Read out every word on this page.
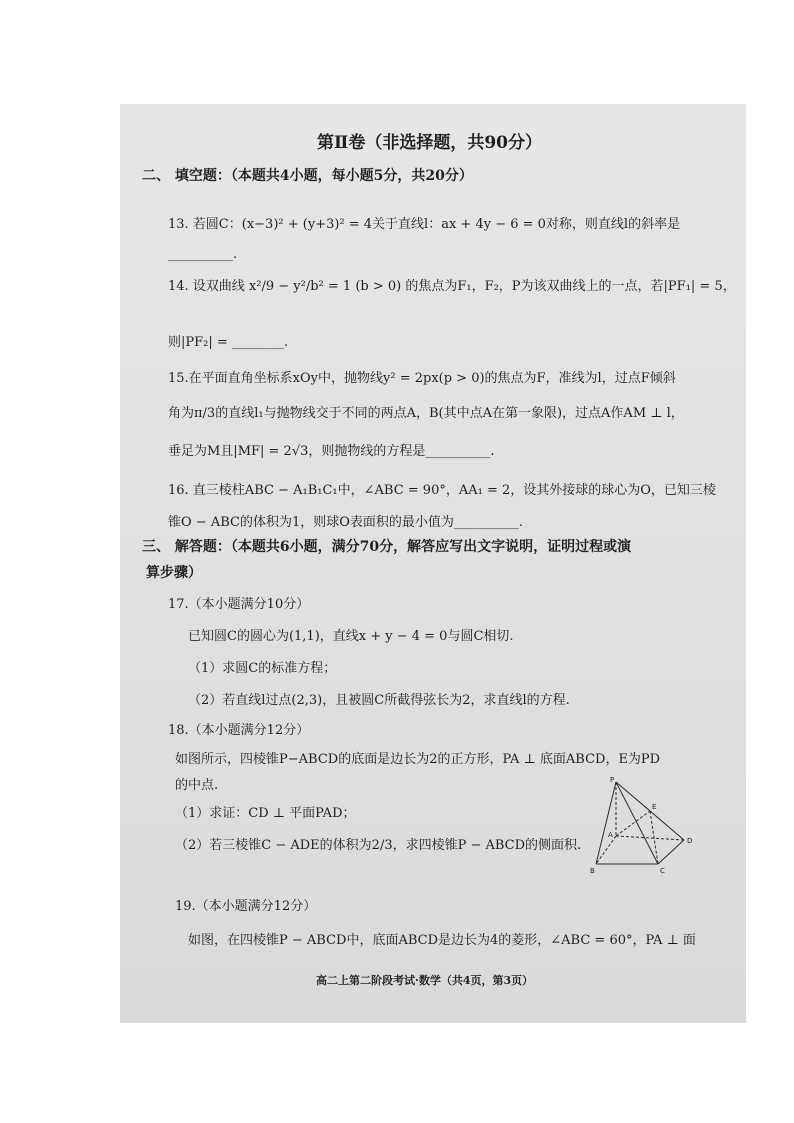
第Ⅱ卷（非选择题，共90分）
二、 填空题：（本题共4小题，每小题5分，共20分）
13. 若圆C：(x−3)² + (y+3)² = 4关于直线l：ax + 4y − 6 = 0对称，则直线l的斜率是
__________.
14. 设双曲线 x²/9 − y²/b² = 1 (b > 0) 的焦点为F₁，F₂，P为该双曲线上的一点，若|PF₁| = 5，
则|PF₂| = ________.
15.在平面直角坐标系xOy中，抛物线y² = 2px(p > 0)的焦点为F，准线为l，过点F倾斜
角为π/3的直线l₁与抛物线交于不同的两点A，B(其中点A在第一象限)，过点A作AM ⊥ l，
垂足为M且|MF| = 2√3，则抛物线的方程是__________.
16. 直三棱柱ABC − A₁B₁C₁中，∠ABC = 90°，AA₁ = 2，设其外接球的球心为O，已知三棱
锥O − ABC的体积为1，则球O表面积的最小值为__________.
三、 解答题：（本题共6小题，满分70分，解答应写出文字说明，证明过程或演
算步骤）
17.（本小题满分10分）
已知圆C的圆心为(1,1)，直线x + y − 4 = 0与圆C相切.
（1）求圆C的标准方程；
（2）若直线l过点(2,3)，且被圆C所截得弦长为2，求直线l的方程.
18.（本小题满分12分）
如图所示，四棱锥P−ABCD的底面是边长为2的正方形，PA ⊥ 底面ABCD，E为PD
的中点.
（1）求证：CD ⊥ 平面PAD；
（2）若三棱锥C − ADE的体积为2/3，求四棱锥P − ABCD的侧面积.
P
E
A
B	C
D
19.（本小题满分12分）
如图，在四棱锥P − ABCD中，底面ABCD是边长为4的菱形，∠ABC = 60°，PA ⊥ 面
高二上第二阶段考试·数学（共4页，第3页）
